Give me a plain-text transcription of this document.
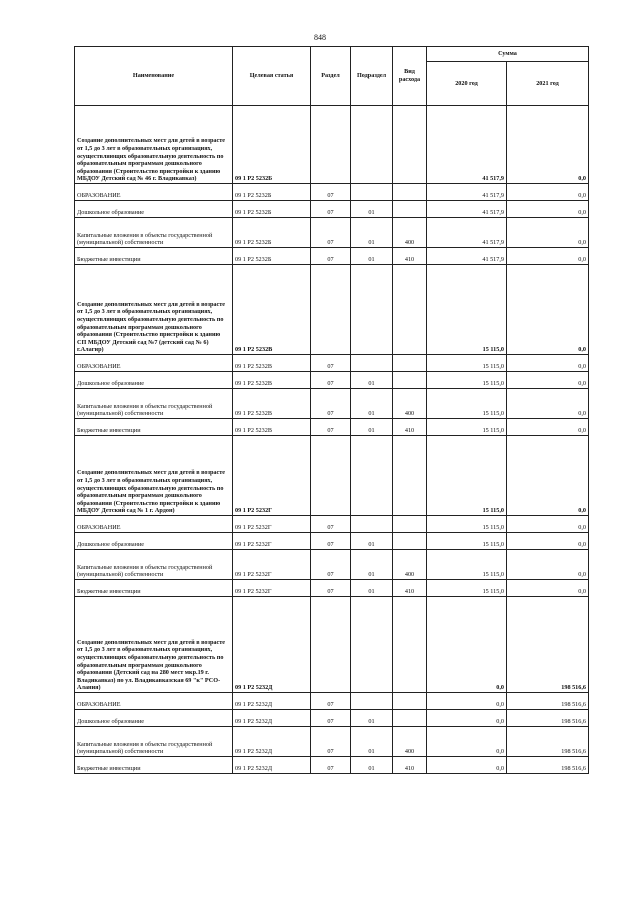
848
Наименование	Целевая статья	Раздел	Подраздел	Вид расхода	Сумма	
					2020 год	2021 год
Создание дополнительных мест для детей в возрасте от 1,5 до 3 лет в образовательных организациях, осуществляющих образовательную деятельность по образовательным программам дошкольного образования (Строительство пристройки к зданию МБДОУ Детский сад № 46 г. Владикавказ)	09 1 Р2 5232Б				41 517,9	0,0
ОБРАЗОВАНИЕ	09 1 Р2 5232Б	07			41 517,9	0,0
Дошкольное образование	09 1 Р2 5232Б	07	01		41 517,9	0,0
Капитальные вложения в объекты государственной (муниципальной) собственности	09 1 Р2 5232Б	07	01	400	41 517,9	0,0
Бюджетные инвестиции	09 1 Р2 5232Б	07	01	410	41 517,9	0,0
Создание дополнительных мест для детей в возрасте от 1,5 до 3 лет в образовательных организациях, осуществляющих образовательную деятельность по образовательным программам дошкольного образования (Строительство пристройки к зданию СП МБДОУ Детский сад №7 (детский сад № 6) г.Алагир)	09 1 Р2 5232В				15 115,0	0,0
ОБРАЗОВАНИЕ	09 1 Р2 5232В	07			15 115,0	0,0
Дошкольное образование	09 1 Р2 5232В	07	01		15 115,0	0,0
Капитальные вложения в объекты государственной (муниципальной) собственности	09 1 Р2 5232В	07	01	400	15 115,0	0,0
Бюджетные инвестиции	09 1 Р2 5232В	07	01	410	15 115,0	0,0
Создание дополнительных мест для детей в возрасте от 1,5 до 3 лет в образовательных организациях, осуществляющих образовательную деятельность по образовательным программам дошкольного образования (Строительство пристройки к зданию МБДОУ Детский сад № 1 г. Ардон)	09 1 Р2 5232Г				15 115,0	0,0
ОБРАЗОВАНИЕ	09 1 Р2 5232Г	07			15 115,0	0,0
Дошкольное образование	09 1 Р2 5232Г	07	01		15 115,0	0,0
Капитальные вложения в объекты государственной (муниципальной) собственности	09 1 Р2 5232Г	07	01	400	15 115,0	0,0
Бюджетные инвестиции	09 1 Р2 5232Г	07	01	410	15 115,0	0,0
Создание дополнительных мест для детей в возрасте от 1,5 до 3 лет в образовательных организациях, осуществляющих образовательную деятельность по образовательным программам дошкольного образования (Детский сад на 280 мест мкр.19 г. Владикавказ) по ул. Владикавказская 69 "к" РСО-Алания)	09 1 Р2 5232Д				0,0	198 516,6
ОБРАЗОВАНИЕ	09 1 Р2 5232Д	07			0,0	198 516,6
Дошкольное образование	09 1 Р2 5232Д	07	01		0,0	198 516,6
Капитальные вложения в объекты государственной (муниципальной) собственности	09 1 Р2 5232Д	07	01	400	0,0	198 516,6
Бюджетные инвестиции	09 1 Р2 5232Д	07	01	410	0,0	198 516,6
